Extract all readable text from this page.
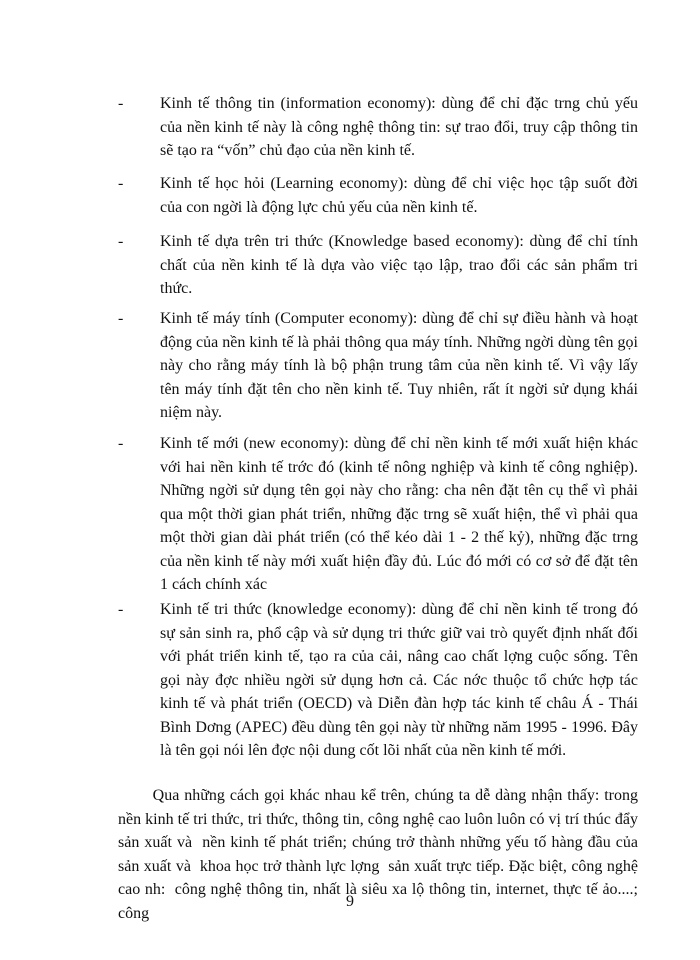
- Kinh tế thông tin (information economy): dùng để chỉ đặc trng chủ yếu của nền kinh tế này là công nghệ thông tin: sự trao đổi, truy cập thông tin sẽ tạo ra “vốn” chủ đạo của nền kinh tế.
- Kinh tế học hỏi (Learning economy): dùng để chỉ việc học tập suốt đời của con ngời là động lực chủ yếu của nền kinh tế.
- Kinh tế dựa trên tri thức (Knowledge based economy): dùng để chỉ tính chất của nền kinh tế là dựa vào việc tạo lập, trao đổi các sản phẩm tri thức.
- Kinh tế máy tính (Computer economy): dùng để chỉ sự điều hành và hoạt động của nền kinh tế là phải thông qua máy tính. Những ngời dùng tên gọi này cho rằng máy tính là bộ phận trung tâm của nền kinh tế. Vì vậy lấy tên máy tính đặt tên cho nền kinh tế. Tuy nhiên, rất ít ngời sử dụng khái niệm này.
- Kinh tế mới (new economy): dùng để chỉ nền kinh tế mới xuất hiện khác với hai nền kinh tế trớc đó (kinh tế nông nghiệp và kinh tế công nghiệp). Những ngời sử dụng tên gọi này cho rằng: cha nên đặt tên cụ thể vì phải qua một thời gian phát triển, những đặc trng sẽ xuất hiện, thể vì phải qua một thời gian dài phát triển (có thể kéo dài 1 - 2 thế kỷ), những đặc trng của nền kinh tế này mới xuất hiện đầy đủ. Lúc đó mới có cơ sở để đặt tên 1 cách chính xác
- Kinh tế tri thức (knowledge economy): dùng để chỉ nền kinh tế trong đó sự sản sinh ra, phổ cập và sử dụng tri thức giữ vai trò quyết định nhất đối với phát triển kinh tế, tạo ra của cải, nâng cao chất lợng cuộc sống. Tên gọi này đợc nhiều ngời sử dụng hơn cả. Các nớc thuộc tổ chức hợp tác kinh tế và phát triển (OECD) và Diễn đàn hợp tác kinh tế châu Á - Thái Bình Dơng (APEC) đều dùng tên gọi này từ những năm 1995 - 1996. Đây là tên gọi nói lên đợc nội dung cốt lõi nhất của nền kinh tế mới.
Qua những cách gọi khác nhau kể trên, chúng ta dễ dàng nhận thấy: trong nền kinh tế tri thức, tri thức, thông tin, công nghệ cao luôn luôn có vị trí thúc đẩy sản xuất và  nền kinh tế phát triển; chúng trở thành những yếu tố hàng đầu của sản xuất và  khoa học trở thành lực lợng  sản xuất trực tiếp. Đặc biệt, công nghệ cao nh:  công nghệ thông tin, nhất là siêu xa lộ thông tin, internet, thực tế ảo....; công
9
